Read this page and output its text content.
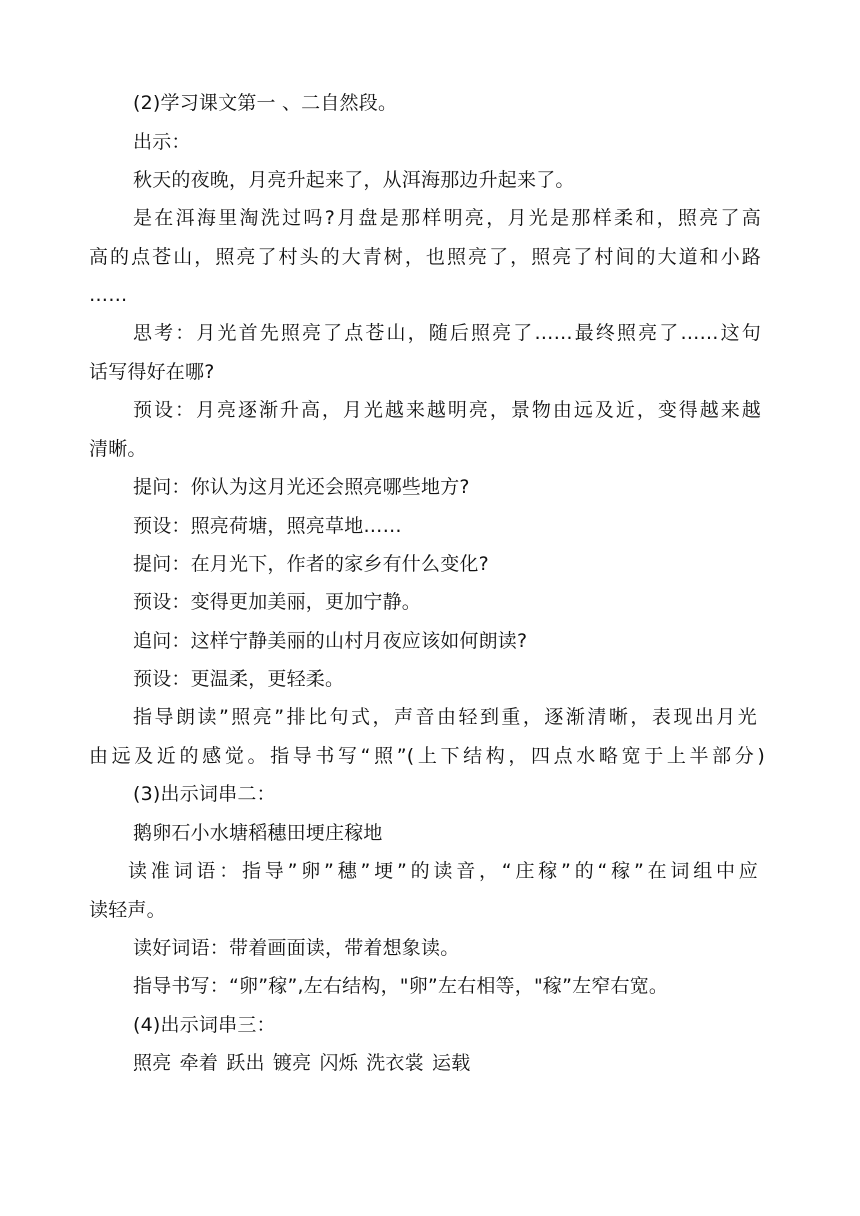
(2)学习课文第一 、二自然段。
出示：
秋天的夜晚，月亮升起来了，从洱海那边升起来了。
是在洱海里淘洗过吗?月盘是那样明亮，月光是那样柔和，照亮了高
高的点苍山，照亮了村头的大青树，也照亮了，照亮了村间的大道和小路
……
思考：月光首先照亮了点苍山，随后照亮了……最终照亮了……这句
话写得好在哪?
预设：月亮逐渐升高，月光越来越明亮，景物由远及近，变得越来越
清晰。
提问：你认为这月光还会照亮哪些地方?
预设：照亮荷塘，照亮草地……
提问：在月光下，作者的家乡有什么变化?
预设：变得更加美丽，更加宁静。
追问：这样宁静美丽的山村月夜应该如何朗读?
预设：更温柔，更轻柔。
指导朗读”照亮”排比句式，声音由轻到重，逐渐清晰，表现出月光
由远及近的感觉。指导书写“照”(上下结构，四点水略宽于上半部分)
(3)出示词串二：
鹅卵石小水塘稻穗田埂庄稼地
读准词语：指导”卵”穗”埂”的读音，“庄稼”的“稼”在词组中应
读轻声。
读好词语：带着画面读，带着想象读。
指导书写：“卵”稼”,左右结构，"卵”左右相等，"稼”左窄右宽。
(4)出示词串三：
照亮 牵着 跃出 镀亮 闪烁 洗衣裳 运载
